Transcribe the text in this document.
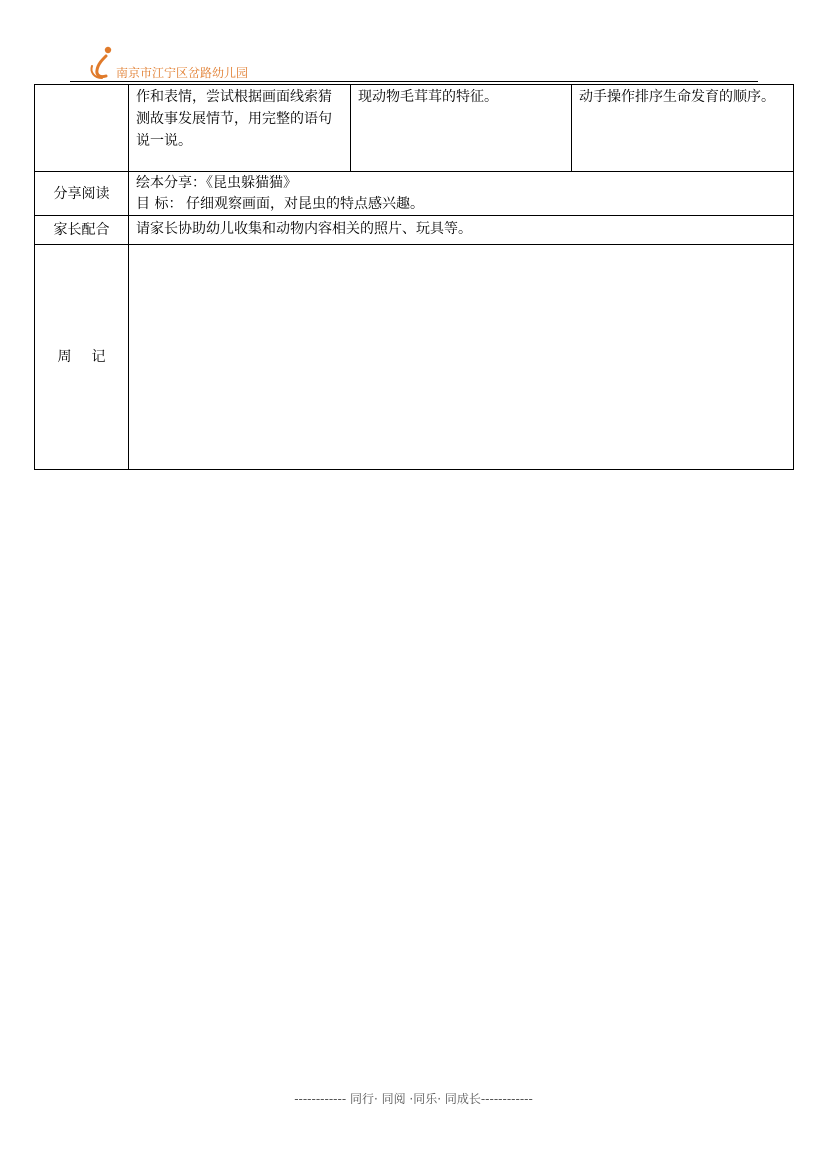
南京市江宁区岔路幼儿园

	作和表情，尝试根据画面线索猜测故事发展情节，用完整的语句说一说。	现动物毛茸茸的特征。	动手操作排序生命发育的顺序。

分享阅读	绘本分享：《昆虫躲猫猫》
目 标： 仔细观察画面，对昆虫的特点感兴趣。		

家长配合	请家长协助幼儿收集和动物内容相关的照片、玩具等。		

周记			
------------ 同行· 同阅 ·同乐· 同成长------------
